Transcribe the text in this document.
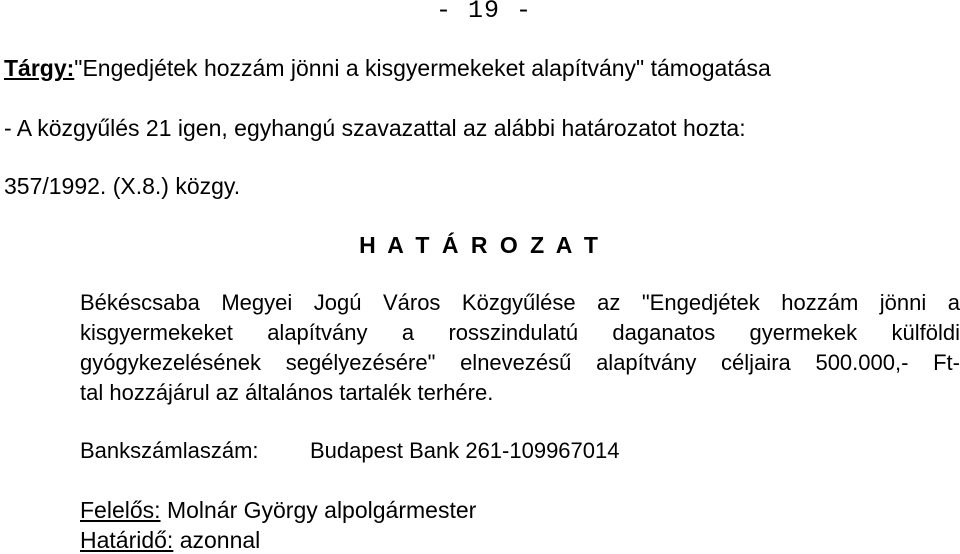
- 19 -
Tárgy:"Engedjétek hozzám jönni a kisgyermekeket alapítvány" támogatása
- A közgyűlés 21 igen, egyhangú szavazattal az alábbi határozatot hozta:
357/1992. (X.8.) közgy.
H A T Á R O Z A T
Békéscsaba Megyei Jogú Város Közgyűlése az "Engedjétek hozzám jönni a
kisgyermekeket alapítvány a rosszindulatú daganatos gyermekek külföldi
gyógykezelésének segélyezésére" elnevezésű alapítvány céljaira 500.000,- Ft-
tal hozzájárul az általános tartalék terhére.
Bankszámlaszám: Budapest Bank 261-109967014
Felelős: Molnár György alpolgármester
Határidő: azonnal
